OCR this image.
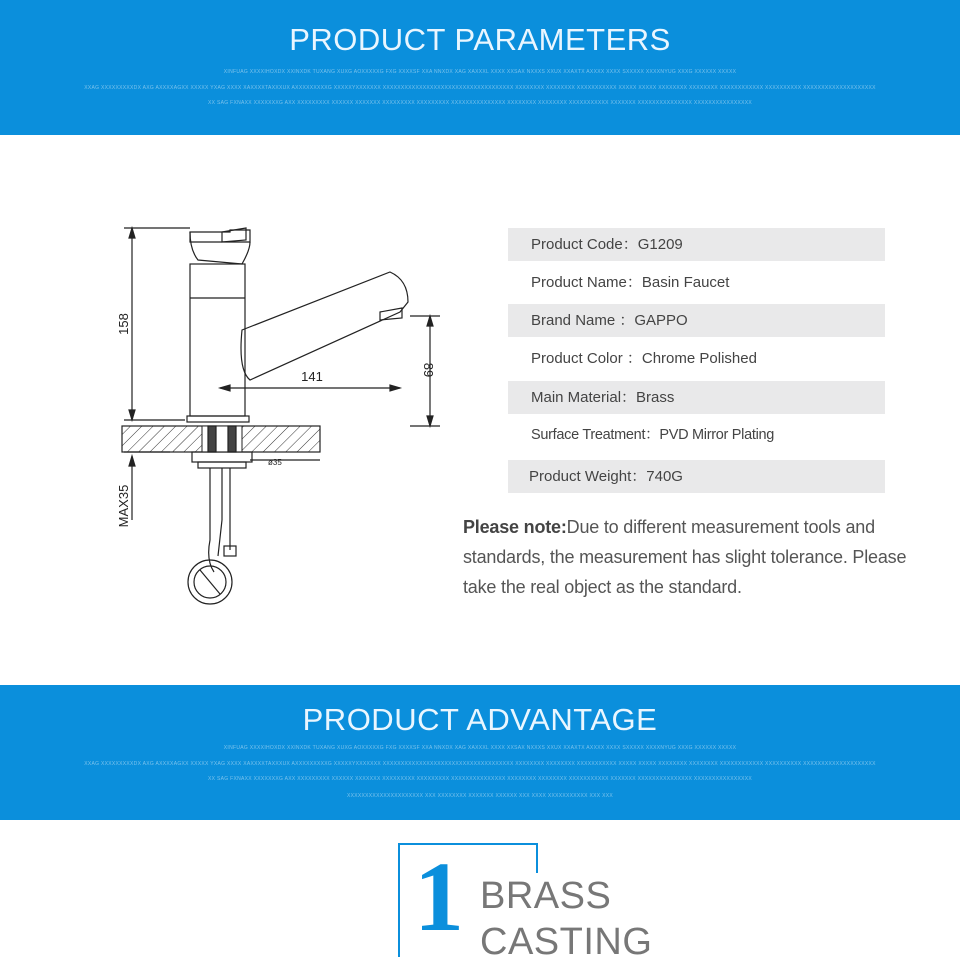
PRODUCT PARAMETERS
XINFUAG XXXXIHOXDX XXINXDK TUXANG XUXG AOXXXXXG FXG XXXXSF XXA NNXDX XAG XAXXXL XXXX XXSAX NXXXS XXUX XXAXTX AXXXX XXXX SXXXXX XXXXNYUG XXXG XXXXXX XXXXX
XXAG XXXXXXXXXDX AXG AXXXXAGXX XXXXX YXAG XXXX XAXXXXTAXXXUX AXXXXXXXXXG XXXXXYXXXXXXX XXXXXXXXXXXXXXXXXXXXXXXXXXXXXXXXXXXX XXXXXXXX XXXXXXXX XXXXXXXXXXX XXXXX XXXXX XXXXXXXX XXXXXXXX XXXXXXXXXXXX XXXXXXXXXX XXXXXXXXXXXXXXXXXXXX
XX SAG FXNAXX XXXXXXXG AXX XXXXXXXXX XXXXXX XXXXXXX XXXXXXXXX XXXXXXXXX XXXXXXXXXXXXXXX XXXXXXXX XXXXXXXX XXXXXXXXXXX XXXXXXX XXXXXXXXXXXXXXX XXXXXXXXXXXXXXXX
158
141	89
ø35
MAX35
Product Code：G1209
Product Name：Basin Faucet
Brand Name ：GAPPO
Product Color ：Chrome Polished
Main Material：Brass
Surface Treatment：PVD Mirror Plating
Product Weight：740G
Please note:Due to different measurement tools and standards, the measurement has slight tolerance. Please take the real object as the standard.
PRODUCT ADVANTAGE
XINFUAG XXXXIHOXDX XXINXDK TUXANG XUXG AOXXXXXG FXG XXXXSF XXA NNXDX XAG XAXXXL XXXX XXSAX NXXXS XXUX XXAXTX AXXXX XXXX SXXXXX XXXXNYUG XXXG XXXXXX XXXXX
XXAG XXXXXXXXXDX AXG AXXXXAGXX XXXXX YXAG XXXX XAXXXXTAXXXUX AXXXXXXXXXG XXXXXYXXXXXXX XXXXXXXXXXXXXXXXXXXXXXXXXXXXXXXXXXXX XXXXXXXX XXXXXXXX XXXXXXXXXXX XXXXX XXXXX XXXXXXXX XXXXXXXX XXXXXXXXXXXX XXXXXXXXXX XXXXXXXXXXXXXXXXXXXX
XX SAG FXNAXX XXXXXXXG AXX XXXXXXXXX XXXXXX XXXXXXX XXXXXXXXX XXXXXXXXX XXXXXXXXXXXXXXX XXXXXXXX XXXXXXXX XXXXXXXXXXX XXXXXXX XXXXXXXXXXXXXXX XXXXXXXXXXXXXXXX
XXXXXXXXXXXXXXXXXXXXX XXX XXXXXXXX XXXXXXX XXXXXX XXX XXXX XXXXXXXXXXX XXX XXX
1 BRASS
CASTING
